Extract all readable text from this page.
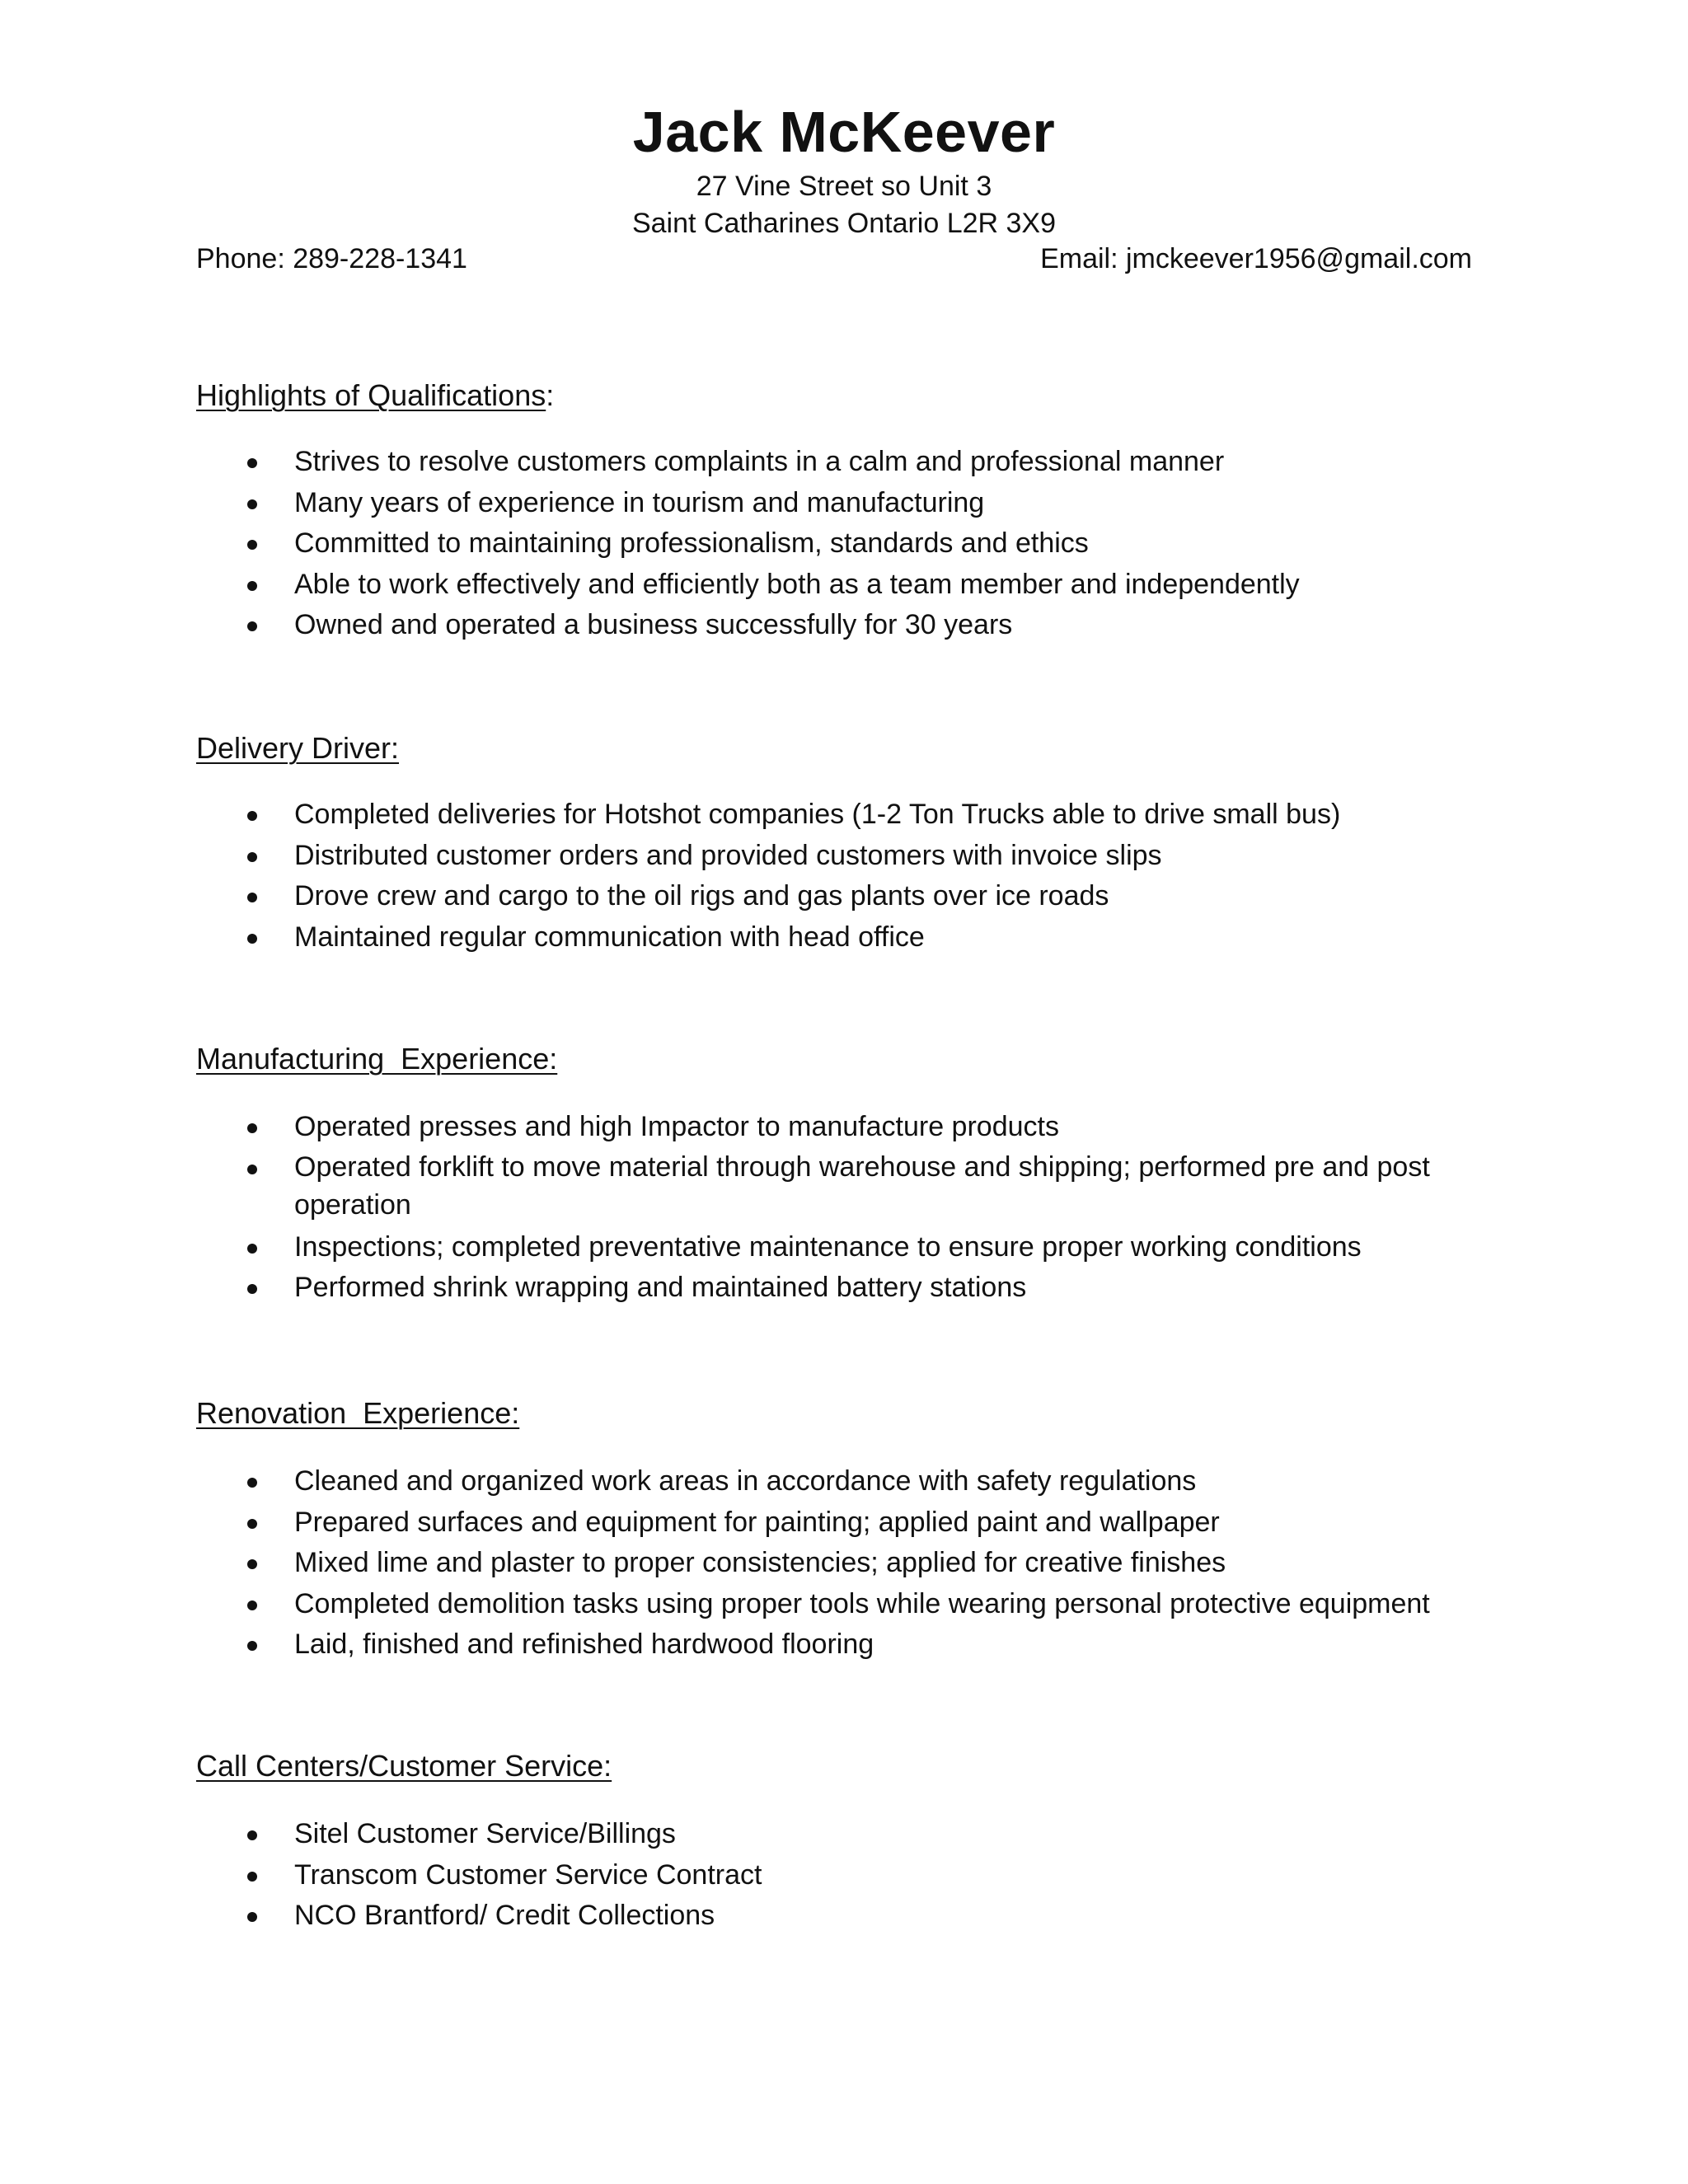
Jack McKeever
27 Vine Street so Unit 3
Saint Catharines Ontario L2R 3X9
Phone: 289-228-1341	Email: jmckeever1956@gmail.com
Highlights of Qualifications:
Strives to resolve customers complaints in a calm and professional manner
Many years of experience in tourism and manufacturing
Committed to maintaining professionalism, standards and ethics
Able to work effectively and efficiently both as a team member and independently
Owned and operated a business successfully for 30 years
Delivery Driver:
Completed deliveries for Hotshot companies (1-2 Ton Trucks able to drive small bus)
Distributed customer orders and provided customers with invoice slips
Drove crew and cargo to the oil rigs and gas plants over ice roads
Maintained regular communication with head office
Manufacturing  Experience:
Operated presses and high Impactor to manufacture products
Operated forklift to move material through warehouse and shipping; performed pre and post operation
Inspections; completed preventative maintenance to ensure proper working conditions
Performed shrink wrapping and maintained battery stations
Renovation  Experience:
Cleaned and organized work areas in accordance with safety regulations
Prepared surfaces and equipment for painting; applied paint and wallpaper
Mixed lime and plaster to proper consistencies; applied for creative finishes
Completed demolition tasks using proper tools while wearing personal protective equipment
Laid, finished and refinished hardwood flooring
Call Centers/Customer Service:
Sitel Customer Service/Billings
Transcom Customer Service Contract
NCO Brantford/ Credit Collections
